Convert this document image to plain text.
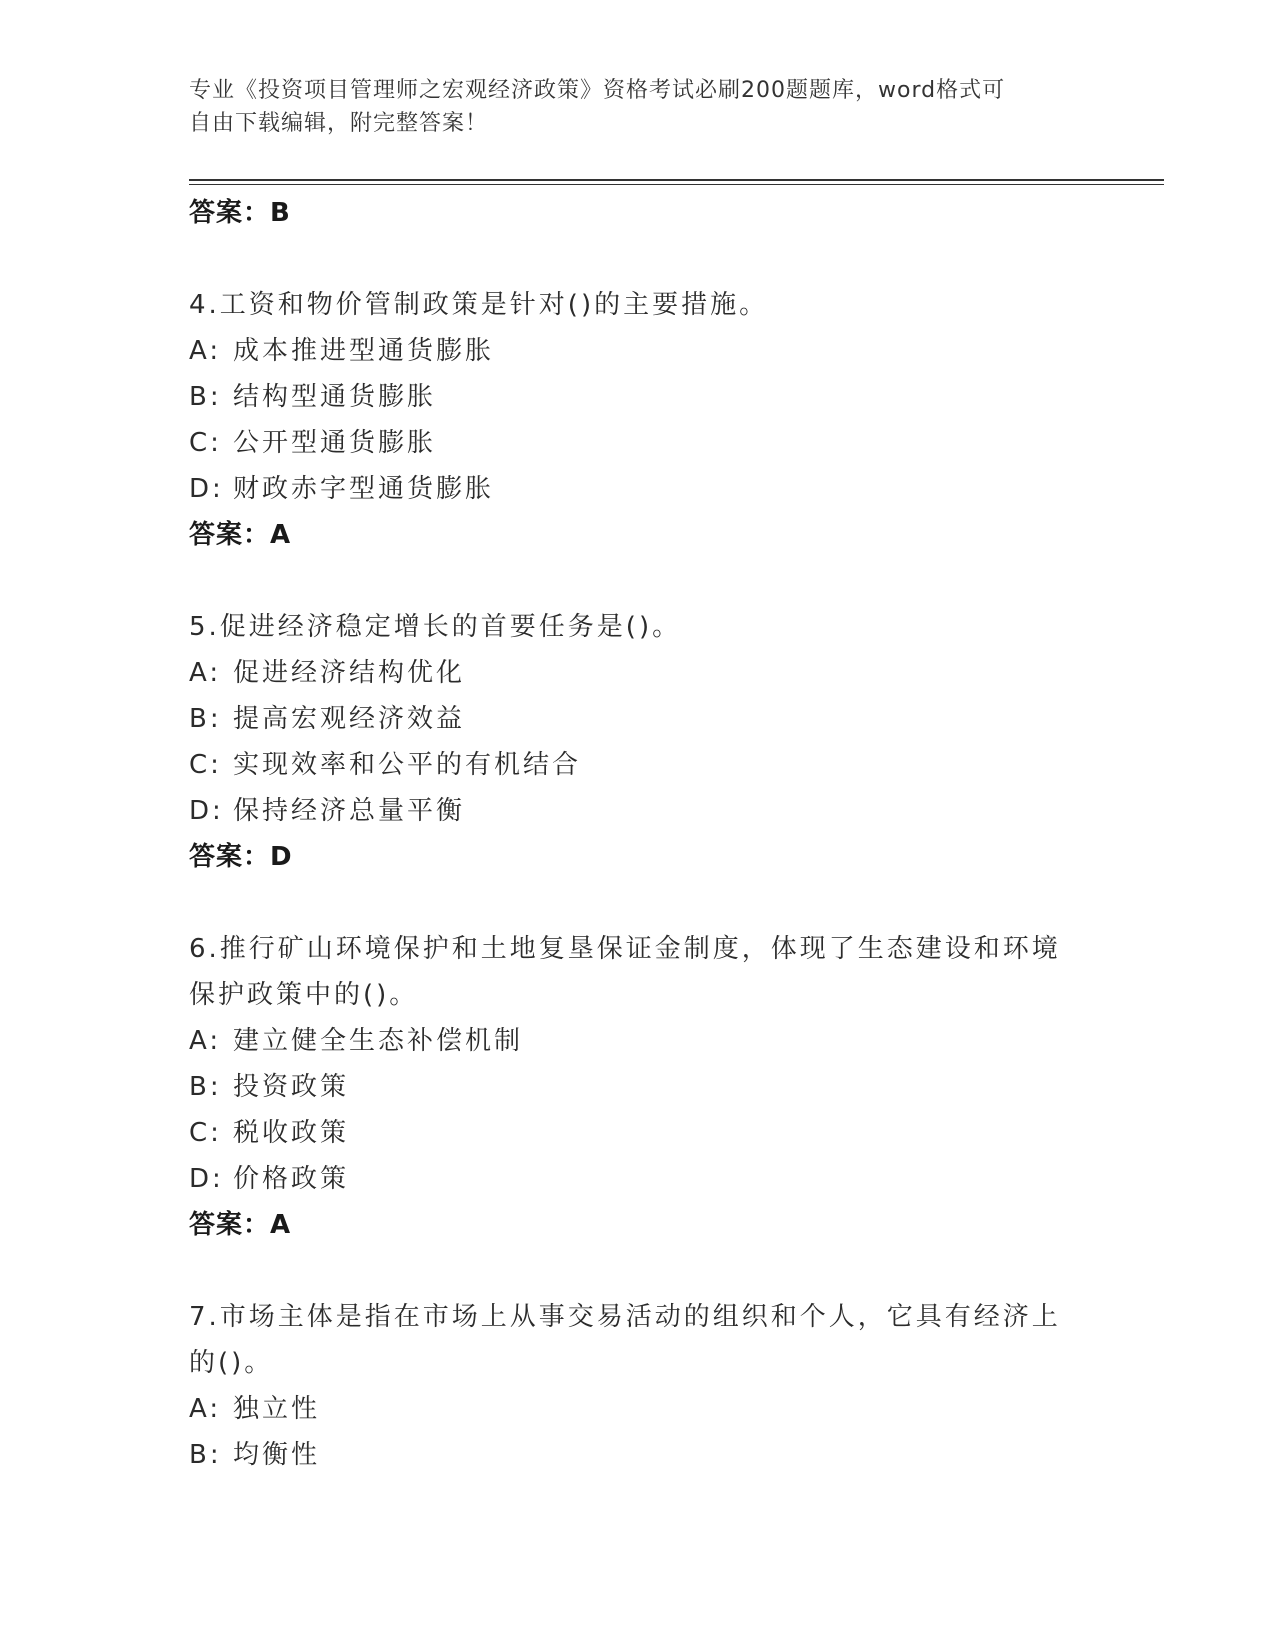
专业《投资项目管理师之宏观经济政策》资格考试必刷200题题库，word格式可
自由下载编辑，附完整答案！
答案：B
4.工资和物价管制政策是针对()的主要措施。
A: 成本推进型通货膨胀
B: 结构型通货膨胀
C: 公开型通货膨胀
D: 财政赤字型通货膨胀
答案：A
5.促进经济稳定增长的首要任务是()。
A: 促进经济结构优化
B: 提高宏观经济效益
C: 实现效率和公平的有机结合
D: 保持经济总量平衡
答案：D
6.推行矿山环境保护和土地复垦保证金制度，体现了生态建设和环境
保护政策中的()。
A: 建立健全生态补偿机制
B: 投资政策
C: 税收政策
D: 价格政策
答案：A
7.市场主体是指在市场上从事交易活动的组织和个人，它具有经济上
的()。
A: 独立性
B: 均衡性
